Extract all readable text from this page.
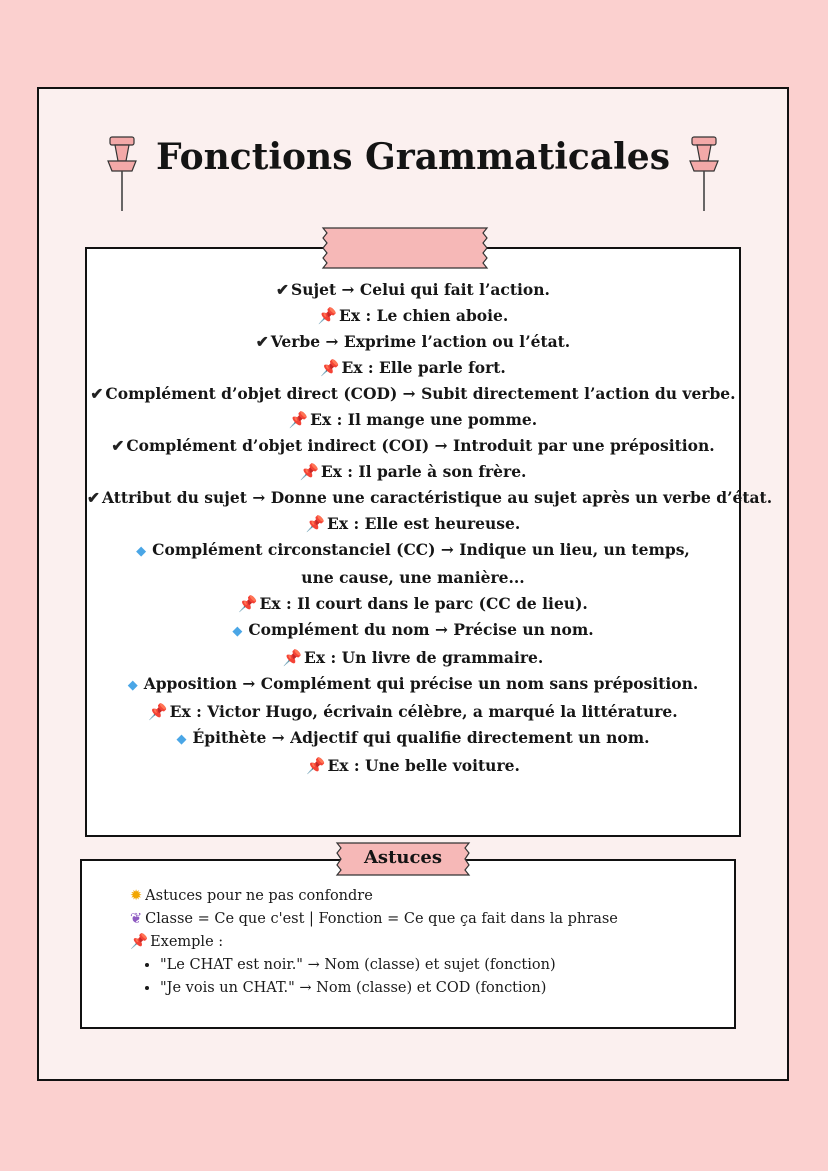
Fonctions Grammaticales
✔ Sujet → Celui qui fait l’action.
📌 Ex : Le chien aboie.
✔ Verbe → Exprime l’action ou l’état.
📌 Ex : Elle parle fort.
✔ Complément d’objet direct (COD) → Subit directement l’action du verbe.
📌 Ex : Il mange une pomme.
✔ Complément d’objet indirect (COI) → Introduit par une préposition.
📌 Ex : Il parle à son frère.
✔ Attribut du sujet → Donne une caractéristique au sujet après un verbe d’état.
📌 Ex : Elle est heureuse.
◆ Complément circonstanciel (CC) → Indique un lieu, un temps, une cause, une manière...
📌 Ex : Il court dans le parc (CC de lieu).
◆ Complément du nom → Précise un nom.
📌 Ex : Un livre de grammaire.
◆ Apposition → Complément qui précise un nom sans préposition.
📌 Ex : Victor Hugo, écrivain célèbre, a marqué la littérature.
◆ Épithète → Adjectif qui qualifie directement un nom.
📌 Ex : Une belle voiture.
✹ Astuces pour ne pas confondre
❦ Classe = Ce que c'est | Fonction = Ce que ça fait dans la phrase
📌 Exemple :
• "Le CHAT est noir." → Nom (classe) et sujet (fonction)
• "Je vois un CHAT." → Nom (classe) et COD (fonction)
Astuces
